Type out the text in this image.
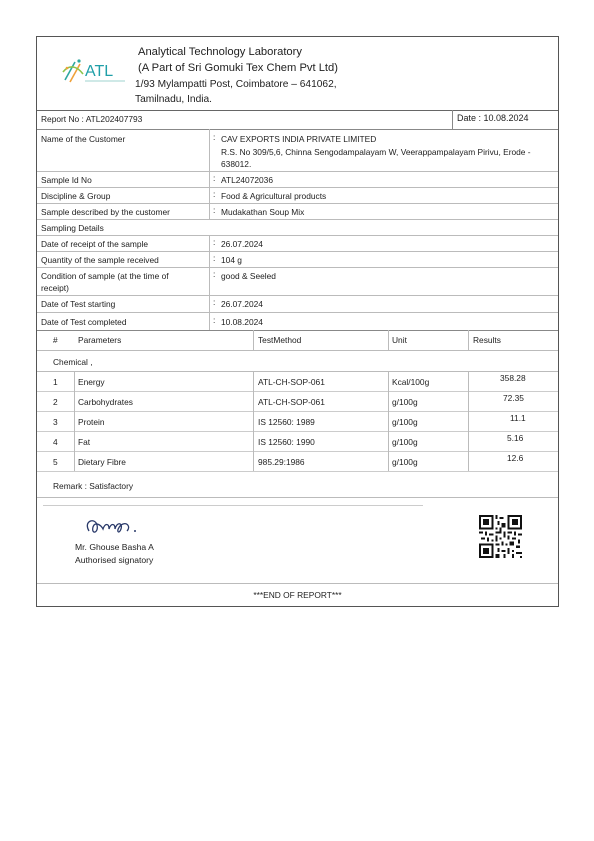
ATL
Analytical Technology Laboratory
(A Part of Sri Gomuki Tex Chem Pvt Ltd)
1/93 Mylampatti Post, Coimbatore – 641062,
Tamilnadu, India.
Report No : ATL202407793	Date : 10.08.2024
Name of the Customer	: CAV EXPORTS INDIA PRIVATE LIMITED
R.S. No 309/5,6, Chinna Sengodampalayam W, Veerappampalayam Pirivu, Erode - 638012.
Sample Id No	: ATL24072036
Discipline & Group	: Food & Agricultural products
Sample described by the customer	: Mudakathan Soup Mix
Sampling Details
Date of receipt of the sample	: 26.07.2024
Quantity of the sample received	: 104 g
Condition of sample (at the time of receipt)
: good & Seeled
Date of Test starting	: 26.07.2024
Date of Test completed	: 10.08.2024
# Parameters	TestMethod	Unit	Results
Chemical ,
1 Energy	ATL-CH-SOP-061	Kcal/100g	358.28
2 Carbohydrates	ATL-CH-SOP-061	g/100g	72.35
3 Protein	IS 12560: 1989	g/100g	11.1
4 Fat	IS 12560: 1990	g/100g	5.16
5 Dietary Fibre	985.29:1986	g/100g	12.6
Remark : Satisfactory
Mr. Ghouse Basha A
Authorised signatory
***END OF REPORT***
